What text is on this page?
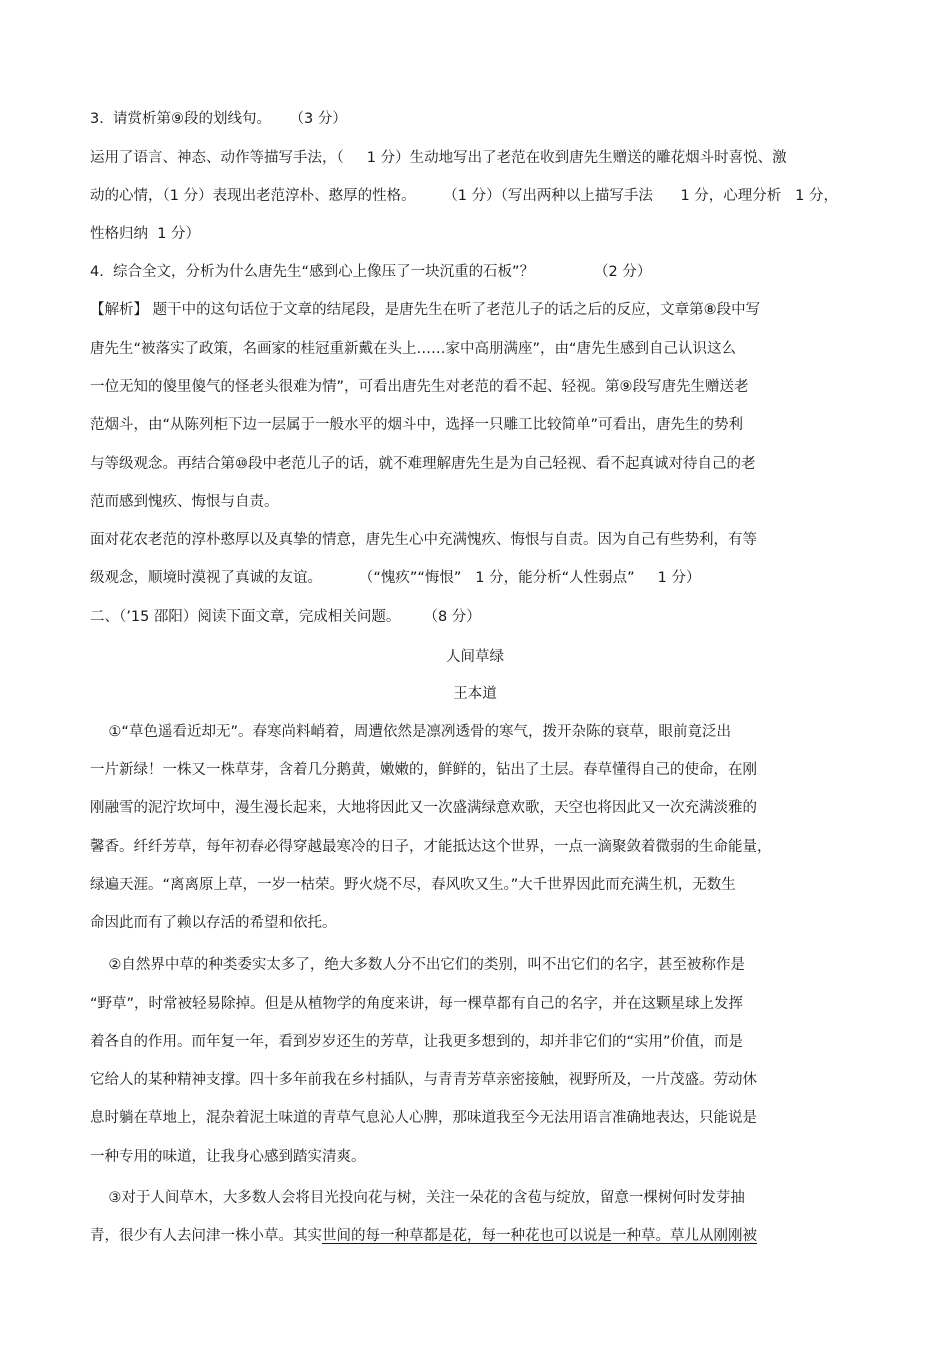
3.  请赏析第⑨段的划线句。    （3 分）
运用了语言、神态、动作等描写手法，（     1 分）生动地写出了老范在收到唐先生赠送的雕花烟斗时喜悦、激
动的心情，（1 分）表现出老范淳朴、憨厚的性格。      （1 分）（写出两种以上描写手法      1 分，心理分析   1 分，
性格归纳  1 分）
4.  综合全文，分析为什么唐先生“感到心上像压了一块沉重的石板”？             （2 分）
【解析】 题干中的这句话位于文章的结尾段，是唐先生在听了老范儿子的话之后的反应，文章第⑧段中写
唐先生“被落实了政策，名画家的桂冠重新戴在头上……家中高朋满座”，由“唐先生感到自己认识这么
一位无知的傻里傻气的怪老头很难为情”，可看出唐先生对老范的看不起、轻视。第⑨段写唐先生赠送老
范烟斗，由“从陈列柜下边一层属于一般水平的烟斗中，选择一只雕工比较简单”可看出，唐先生的势利
与等级观念。再结合第⑩段中老范儿子的话，就不难理解唐先生是为自己轻视、看不起真诚对待自己的老
范而感到愧疚、悔恨与自责。
面对花农老范的淳朴憨厚以及真挚的情意，唐先生心中充满愧疚、悔恨与自责。因为自己有些势利，有等
级观念，顺境时漠视了真诚的友谊。        （“愧疚”“悔恨”   1 分，能分析“人性弱点”     1 分）
二、（’15 邵阳）阅读下面文章，完成相关问题。     （8 分）
人间草绿
王本道
①“草色遥看近却无”。春寒尚料峭着，周遭依然是凛冽透骨的寒气，拨开杂陈的衰草，眼前竟泛出
一片新绿！一株又一株草芽，含着几分鹅黄，嫩嫩的，鲜鲜的，钻出了土层。春草懂得自己的使命，在刚
刚融雪的泥泞坎坷中，漫生漫长起来，大地将因此又一次盛满绿意欢歌，天空也将因此又一次充满淡雅的
馨香。纤纤芳草，每年初春必得穿越最寒冷的日子，才能抵达这个世界，一点一滴聚敛着微弱的生命能量，
绿遍天涯。“离离原上草，一岁一枯荣。野火烧不尽，春风吹又生。”大千世界因此而充满生机，无数生
命因此而有了赖以存活的希望和依托。
②自然界中草的种类委实太多了，绝大多数人分不出它们的类别，叫不出它们的名字，甚至被称作是
“野草”，时常被轻易除掉。但是从植物学的角度来讲，每一棵草都有自己的名字，并在这颗星球上发挥
着各自的作用。而年复一年，看到岁岁还生的芳草，让我更多想到的，却并非它们的“实用”价值，而是
它给人的某种精神支撑。四十多年前我在乡村插队，与青青芳草亲密接触，视野所及，一片茂盛。劳动休
息时躺在草地上，混杂着泥土味道的青草气息沁人心脾，那味道我至今无法用语言准确地表达，只能说是
一种专用的味道，让我身心感到踏实清爽。
③对于人间草木，大多数人会将目光投向花与树，关注一朵花的含苞与绽放，留意一棵树何时发芽抽
青，很少有人去问津一株小草。其实世间的每一种草都是花，每一种花也可以说是一种草。草儿从刚刚被
